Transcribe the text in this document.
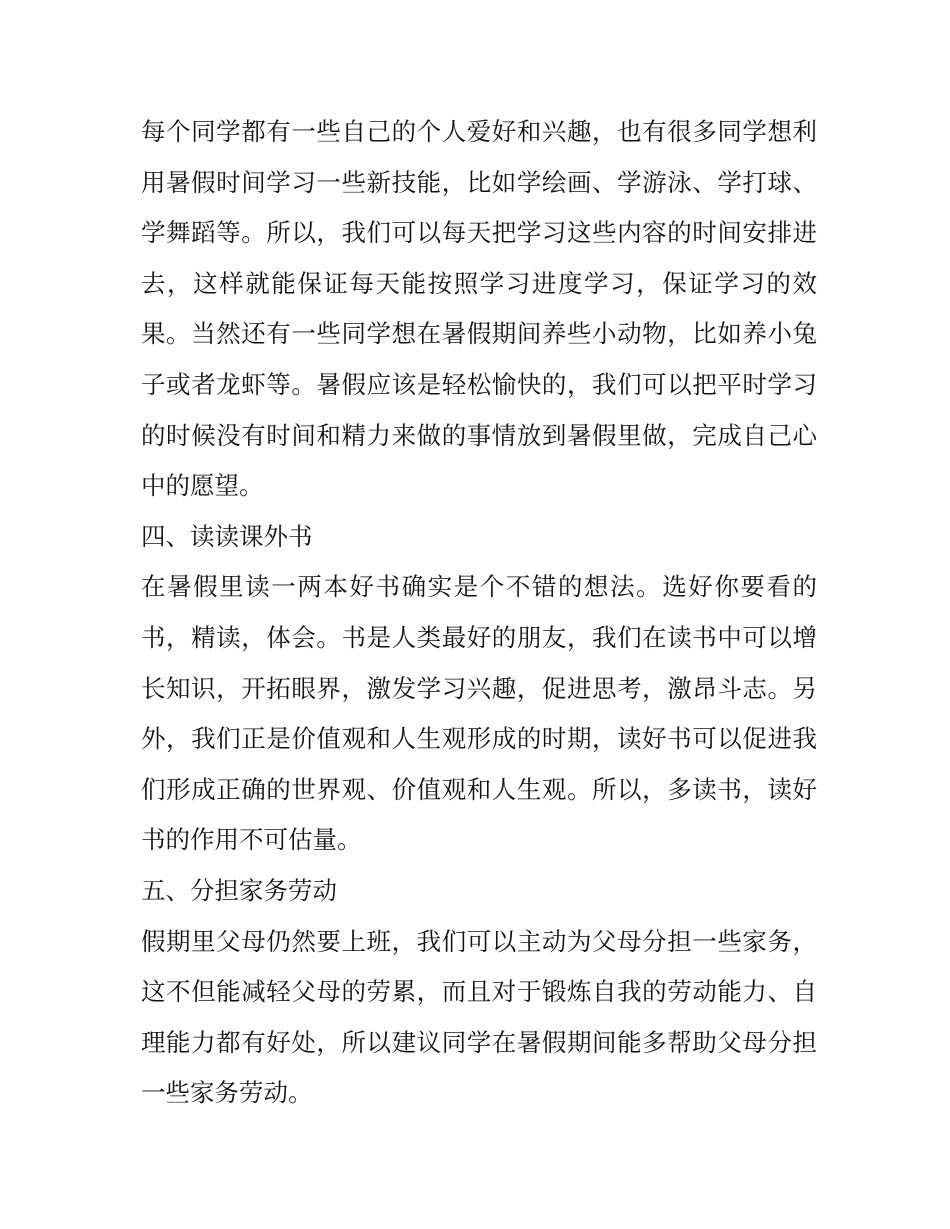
每个同学都有一些自己的个人爱好和兴趣，也有很多同学想利用暑假时间学习一些新技能，比如学绘画、学游泳、学打球、学舞蹈等。所以，我们可以每天把学习这些内容的时间安排进去，这样就能保证每天能按照学习进度学习，保证学习的效果。当然还有一些同学想在暑假期间养些小动物，比如养小兔子或者龙虾等。暑假应该是轻松愉快的，我们可以把平时学习的时候没有时间和精力来做的事情放到暑假里做，完成自己心中的愿望。

四、读读课外书

在暑假里读一两本好书确实是个不错的想法。选好你要看的书，精读，体会。书是人类最好的朋友，我们在读书中可以增长知识，开拓眼界，激发学习兴趣，促进思考，激昂斗志。另外，我们正是价值观和人生观形成的时期，读好书可以促进我们形成正确的世界观、价值观和人生观。所以，多读书，读好书的作用不可估量。

五、分担家务劳动

假期里父母仍然要上班，我们可以主动为父母分担一些家务，这不但能减轻父母的劳累，而且对于锻炼自我的劳动能力、自理能力都有好处，所以建议同学在暑假期间能多帮助父母分担一些家务劳动。
